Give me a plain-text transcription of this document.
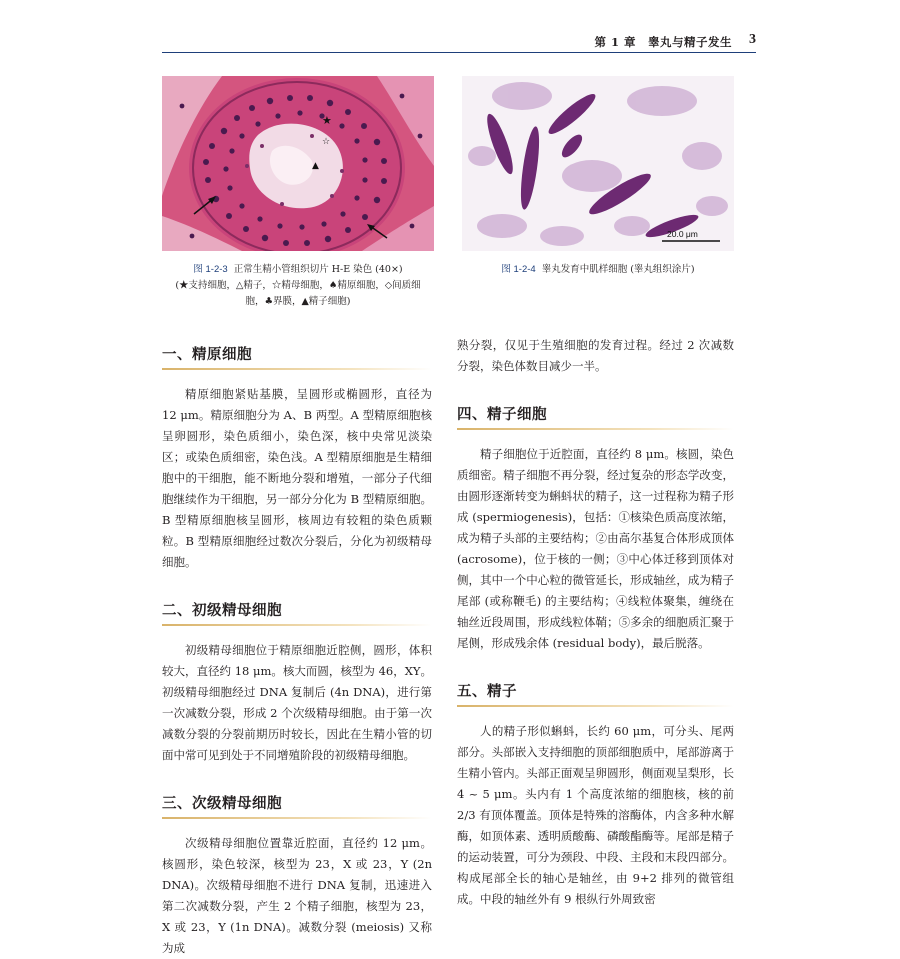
第 1 章　睾丸与精子发生 3
★
☆
▲
20.0 μm
图 1-2-3 正常生精小管组织切片 H-E 染色 (40×)
(★支持细胞，△精子，☆精母细胞，♠精原细胞，◇间质细
胞，♣界膜，▲精子细胞)
图 1-2-4 睾丸发育中肌样细胞 (睾丸组织涂片)
一、精原细胞

精原细胞紧贴基膜，呈圆形或椭圆形，直径为 12 μm。精原细胞分为 A、B 两型。A 型精原细胞核呈卵圆形，染色质细小，染色深，核中央常见淡染区；或染色质细密，染色浅。A 型精原细胞是生精细胞中的干细胞，能不断地分裂和增殖，一部分子代细胞继续作为干细胞，另一部分分化为 B 型精原细胞。B 型精原细胞核呈圆形，核周边有较粗的染色质颗粒。B 型精原细胞经过数次分裂后，分化为初级精母细胞。

二、初级精母细胞

初级精母细胞位于精原细胞近腔侧，圆形，体积较大，直径约 18 μm。核大而圆，核型为 46，XY。初级精母细胞经过 DNA 复制后 (4n DNA)，进行第一次减数分裂，形成 2 个次级精母细胞。由于第一次减数分裂的分裂前期历时较长，因此在生精小管的切面中常可见到处于不同增殖阶段的初级精母细胞。

三、次级精母细胞

次级精母细胞位置靠近腔面，直径约 12 μm。核圆形，染色较深，核型为 23，X 或 23，Y (2n DNA)。次级精母细胞不进行 DNA 复制，迅速进入第二次减数分裂，产生 2 个精子细胞，核型为 23，X 或 23，Y (1n DNA)。减数分裂 (meiosis) 又称为成

熟分裂，仅见于生殖细胞的发育过程。经过 2 次减数分裂，染色体数目减少一半。

四、精子细胞

精子细胞位于近腔面，直径约 8 μm。核圆，染色质细密。精子细胞不再分裂，经过复杂的形态学改变，由圆形逐渐转变为蝌蚪状的精子，这一过程称为精子形成 (spermiogenesis)，包括：①核染色质高度浓缩，成为精子头部的主要结构；②由高尔基复合体形成顶体 (acrosome)，位于核的一侧；③中心体迁移到顶体对侧，其中一个中心粒的微管延长，形成轴丝，成为精子尾部 (或称鞭毛) 的主要结构；④线粒体聚集，缠绕在轴丝近段周围，形成线粒体鞘；⑤多余的细胞质汇聚于尾侧，形成残余体 (residual body)，最后脱落。

五、精子

人的精子形似蝌蚪，长约 60 μm，可分头、尾两部分。头部嵌入支持细胞的顶部细胞质中，尾部游离于生精小管内。头部正面观呈卵圆形，侧面观呈梨形，长 4 ~ 5 μm。头内有 1 个高度浓缩的细胞核，核的前 2/3 有顶体覆盖。顶体是特殊的溶酶体，内含多种水解酶，如顶体素、透明质酸酶、磷酸酯酶等。尾部是精子的运动装置，可分为颈段、中段、主段和末段四部分。构成尾部全长的轴心是轴丝，由 9+2 排列的微管组成。中段的轴丝外有 9 根纵行外周致密
